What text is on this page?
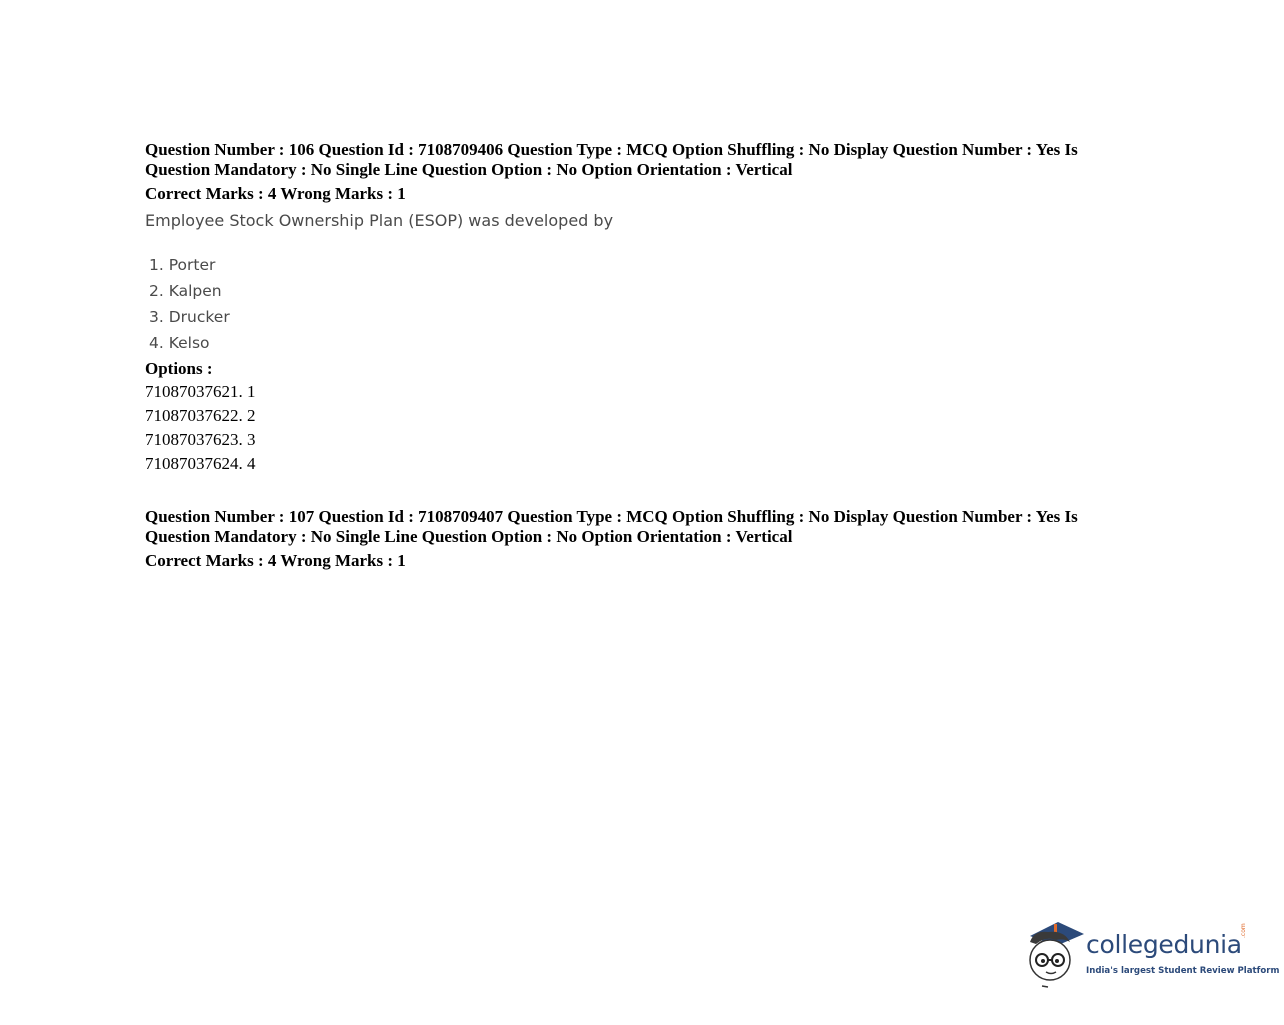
Question Number : 106 Question Id : 7108709406 Question Type : MCQ Option Shuffling : No Display Question Number : Yes Is

Question Mandatory : No Single Line Question Option : No Option Orientation : Vertical

Correct Marks : 4 Wrong Marks : 1

Employee Stock Ownership Plan (ESOP) was developed by

1. Porter
2. Kalpen
3. Drucker
4. Kelso

Options :

71087037621. 1
71087037622. 2
71087037623. 3
71087037624. 4

Question Number : 107 Question Id : 7108709407 Question Type : MCQ Option Shuffling : No Display Question Number : Yes Is

Question Mandatory : No Single Line Question Option : No Option Orientation : Vertical

Correct Marks : 4 Wrong Marks : 1

collegedunia
.com
India's largest Student Review Platform
